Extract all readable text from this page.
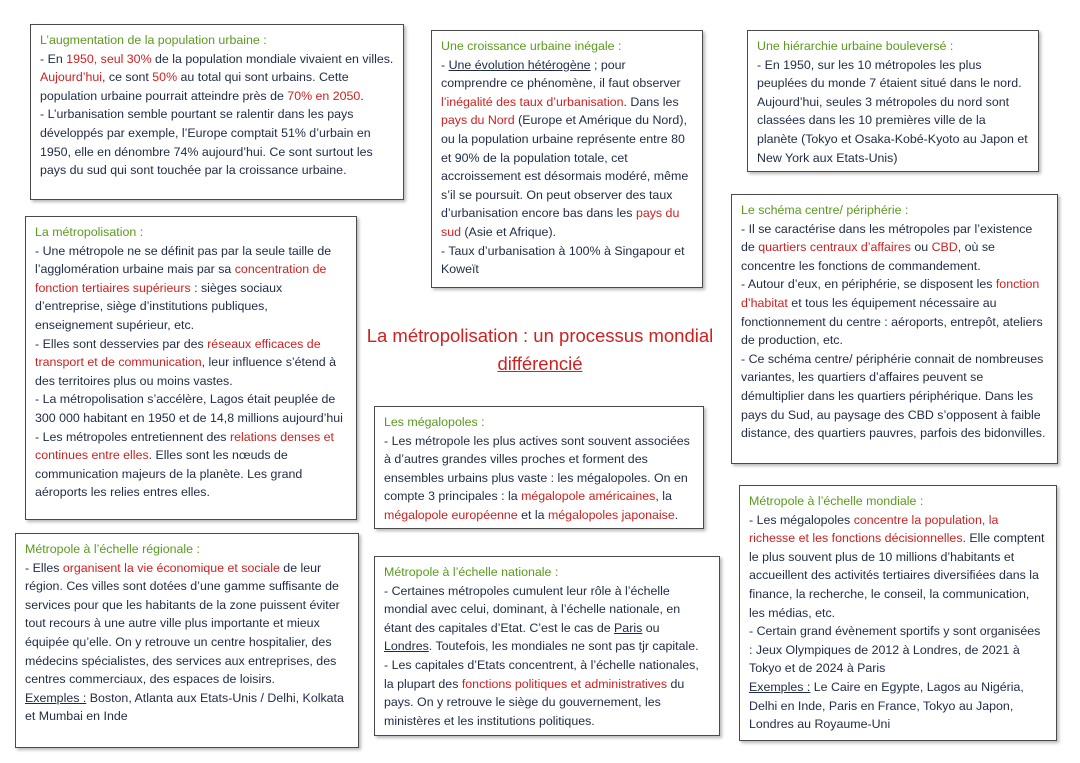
L’augmentation de la population urbaine :

- En 1950, seul 30% de la population mondiale vivaient en villes. Aujourd’hui, ce sont 50% au total qui sont urbains. Cette population urbaine pourrait atteindre près de 70% en 2050.

- L’urbanisation semble pourtant se ralentir dans les pays développés par exemple, l’Europe comptait 51% d’urbain en 1950, elle en dénombre 74% aujourd’hui. Ce sont surtout les pays du sud qui sont touchée par la croissance urbaine.

Une croissance urbaine inégale :

- Une évolution hétérogène ; pour comprendre ce phénomène, il faut observer l’inégalité des taux d’urbanisation. Dans les pays du Nord (Europe et Amérique du Nord), ou la population urbaine représente entre 80 et 90% de la population totale, cet accroissement est désormais modéré, même s’il se poursuit. On peut observer des taux d’urbanisation encore bas dans les pays du sud (Asie et Afrique).

- Taux d’urbanisation à 100% à Singapour et Koweït

Une hiérarchie urbaine bouleversé :

- En 1950, sur les 10 métropoles les plus peuplées du monde 7 étaient situé dans le nord. Aujourd’hui, seules 3 métropoles du nord sont classées dans les 10 premières ville de la planète (Tokyo et Osaka-Kobé-Kyoto au Japon et New York aux Etats-Unis)

La métropolisation :

- Une métropole ne se définit pas par la seule taille de l’agglomération urbaine mais par sa concentration de fonction tertiaires supérieurs : sièges sociaux d’entreprise, siège d’institutions publiques, enseignement supérieur, etc.

- Elles sont desservies par des réseaux efficaces de transport et de communication, leur influence s’étend à des territoires plus ou moins vastes.

- La métropolisation s’accélère, Lagos était peuplée de 300 000 habitant en 1950 et de 14,8 millions aujourd’hui

- Les métropoles entretiennent des relations denses et continues entre elles. Elles sont les nœuds de communication majeurs de la planète. Les grand aéroports les relies entres elles.

La métropolisation : un processus mondial
différencié

Le schéma centre/ périphérie :

- Il se caractérise dans les métropoles par l’existence de quartiers centraux d’affaires ou CBD, où se concentre les fonctions de commandement.

- Autour d’eux, en périphérie, se disposent les fonction d’habitat et tous les équipement nécessaire au fonctionnement du centre : aéroports, entrepôt, ateliers de production, etc.

- Ce schéma centre/ périphérie connait de nombreuses variantes, les quartiers d’affaires peuvent se démultiplier dans les quartiers périphérique. Dans les pays du Sud, au paysage des CBD s’opposent à faible distance, des quartiers pauvres, parfois des bidonvilles.

Les mégalopoles :

- Les métropole les plus actives sont souvent associées à d’autres grandes villes proches et forment des ensembles urbains plus vaste : les mégalopoles. On en compte 3 principales : la mégalopole américaines, la mégalopole européenne et la mégalopoles japonaise.

Métropole à l’échelle mondiale :

- Les mégalopoles concentre la population, la richesse et les fonctions décisionnelles. Elle comptent le plus souvent plus de 10 millions d’habitants et accueillent des activités tertiaires diversifiées dans la finance, la recherche, le conseil, la communication, les médias, etc.

- Certain grand évènement sportifs y sont organisées : Jeux Olympiques de 2012 à Londres, de 2021 à Tokyo et de 2024 à Paris

Exemples : Le Caire en Egypte, Lagos au Nigéria, Delhi en Inde, Paris en France, Tokyo au Japon, Londres au Royaume-Uni

Métropole à l’échelle régionale :

- Elles organisent la vie économique et sociale de leur région. Ces villes sont dotées d’une gamme suffisante de services pour que les habitants de la zone puissent éviter tout recours à une autre ville plus importante et mieux équipée qu’elle. On y retrouve un centre hospitalier, des médecins spécialistes, des services aux entreprises, des centres commerciaux, des espaces de loisirs.

Exemples : Boston, Atlanta aux Etats-Unis / Delhi, Kolkata et Mumbai en Inde

Métropole à l’échelle nationale :

- Certaines métropoles cumulent leur rôle à l’échelle mondial avec celui, dominant, à l’échelle nationale, en étant des capitales d’Etat. C’est le cas de Paris ou Londres. Toutefois, les mondiales ne sont pas tjr capitale.

- Les capitales d’Etats concentrent, à l’échelle nationales, la plupart des fonctions politiques et administratives du pays. On y retrouve le siège du gouvernement, les ministères et les institutions politiques.
